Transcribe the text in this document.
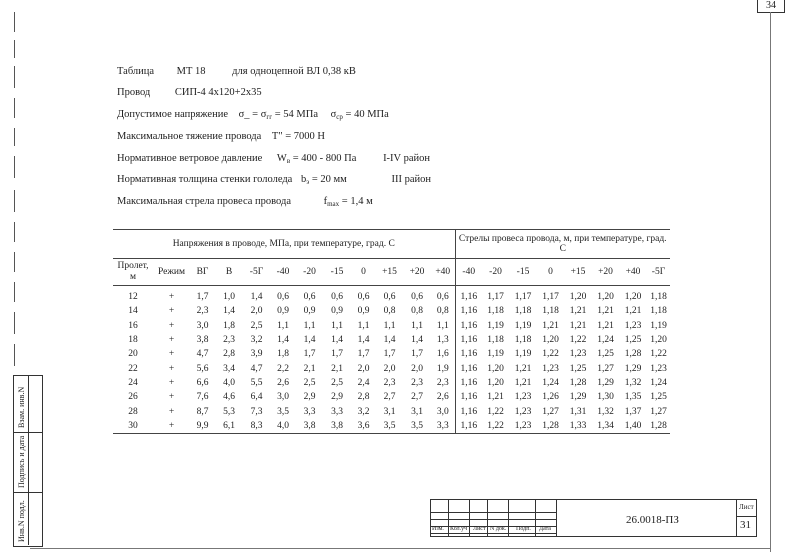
34
Взам. инв.N
Подпись и дата
Инв.N подл.
Таблица МТ 18	для одноцепной ВЛ 0,38 кВ
Провод СИП-4 4х120+2х35
Допустимое напряжение σ_ = $\sigma_{гг} = 54$ МПа $\sigma_{ср} = 40$ МПа
Максимальное тяжение провода Т" = 7000 Н
Нормативное ветровое давление $W_в = 400 - 800$ Па	I-IV район
Нормативная толщина стенки гололеда $b_э = 20$ мм	III район
Максимальная стрела провеса провода	$f_{max} = 1,4$ м
Напряжения в проводе, МПа, при температуре, град. С												Стрелы провеса провода, м, при температуре, град. С							
Пролет,
м	Режим	ВГ	В	-5Г	-40	-20	-15	0	+15	+20	+40	-40	-20	-15	0	+15	+20	+40	-5Г
12	+	1,7	1,0	1,4	0,6	0,6	0,6	0,6	0,6	0,6	0,6	1,16	1,17	1,17	1,17	1,20	1,20	1,20	1,18
14	+	2,3	1,4	2,0	0,9	0,9	0,9	0,9	0,8	0,8	0,8	1,16	1,18	1,18	1,18	1,21	1,21	1,21	1,18
16	+	3,0	1,8	2,5	1,1	1,1	1,1	1,1	1,1	1,1	1,1	1,16	1,19	1,19	1,21	1,21	1,21	1,23	1,19
18	+	3,8	2,3	3,2	1,4	1,4	1,4	1,4	1,4	1,4	1,3	1,16	1,18	1,18	1,20	1,22	1,24	1,25	1,20
20	+	4,7	2,8	3,9	1,8	1,7	1,7	1,7	1,7	1,7	1,6	1,16	1,19	1,19	1,22	1,23	1,25	1,28	1,22
22	+	5,6	3,4	4,7	2,2	2,1	2,1	2,0	2,0	2,0	1,9	1,16	1,20	1,21	1,23	1,25	1,27	1,29	1,23
24	+	6,6	4,0	5,5	2,6	2,5	2,5	2,4	2,3	2,3	2,3	1,16	1,20	1,21	1,24	1,28	1,29	1,32	1,24
26	+	7,6	4,6	6,4	3,0	2,9	2,9	2,8	2,7	2,7	2,6	1,16	1,21	1,23	1,26	1,29	1,30	1,35	1,25
28	+	8,7	5,3	7,3	3,5	3,3	3,3	3,2	3,1	3,1	3,0	1,16	1,22	1,23	1,27	1,31	1,32	1,37	1,27
30	+	9,9	6,1	8,3	4,0	3,8	3,8	3,6	3,5	3,5	3,3	1,16	1,22	1,23	1,28	1,33	1,34	1,40	1,28
Изм. Кол.уч Лист N док. Подп. Дата
26.0018-ПЗ
Лист
31
